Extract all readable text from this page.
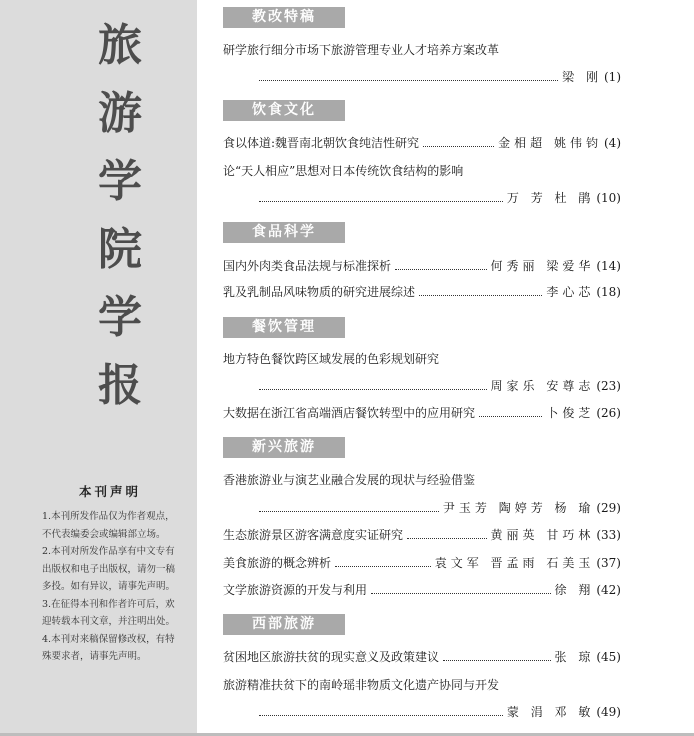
旅
游
学
院
学
报
本刊声明
1.本刊所发作品仅为作者观点，
不代表编委会或编辑部立场。
2.本刊对所发作品享有中文专有
出版权和电子出版权，请勿一稿
多投。如有异议，请事先声明。
3.在征得本刊和作者许可后，欢
迎转载本刊文章，并注明出处。
4.本刊对来稿保留修改权，有特
殊要求者，请事先声明。
教改特稿
研学旅行细分市场下旅游管理专业人才培养方案改革
梁 刚 (1)
饮食文化
食以体道:魏晋南北朝饮食纯洁性研究	金相超 姚伟钧 (4)
论“天人相应”思想对日本传统饮食结构的影响
万 芳 杜 鹃 (10)
食品科学
国内外肉类食品法规与标准探析	何秀丽 梁爱华 (14)
乳及乳制品风味物质的研究进展综述	李心芯 (18)
餐饮管理
地方特色餐饮跨区域发展的色彩规划研究
周家乐 安尊志 (23)
大数据在浙江省高端酒店餐饮转型中的应用研究	卜俊芝 (26)
新兴旅游
香港旅游业与演艺业融合发展的现状与经验借鉴
尹玉芳 陶婷芳 杨 瑜 (29)
生态旅游景区游客满意度实证研究	黄丽英 甘巧林 (33)
美食旅游的概念辨析	袁文军 晋孟雨 石美玉 (37)
文学旅游资源的开发与利用	徐 翔 (42)
西部旅游
贫困地区旅游扶贫的现实意义及政策建议	张 琼 (45)
旅游精准扶贫下的南岭瑶非物质文化遗产协同与开发
蒙 涓 邓 敏 (49)
